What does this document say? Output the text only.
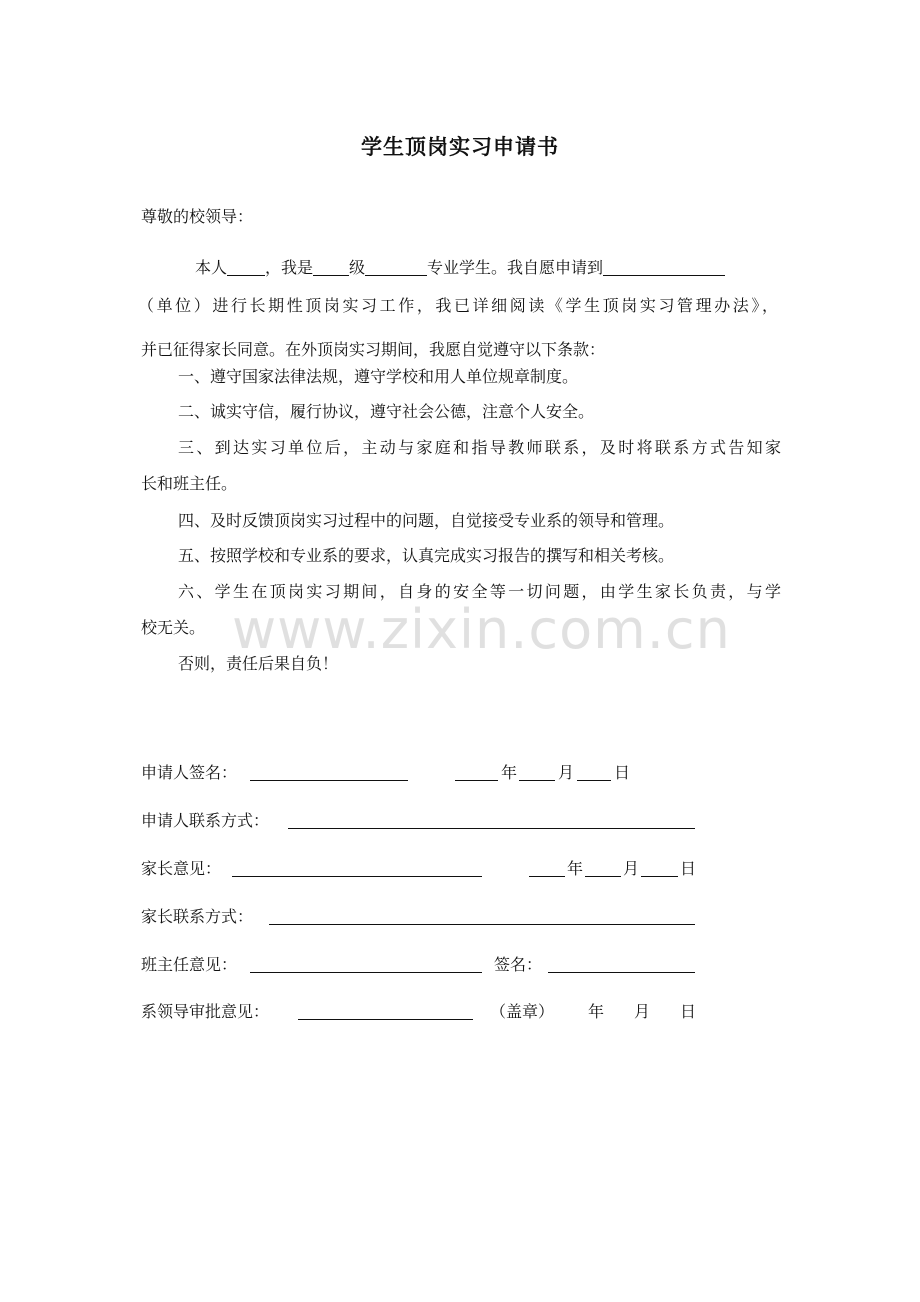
学生顶岗实习申请书
尊敬的校领导：
本人 ，我是 级	专业学生。我自愿申请到
（单位）进行长期性顶岗实习工作，我已详细阅读《学生顶岗实习管理办法》，
并已征得家长同意。在外顶岗实习期间，我愿自觉遵守以下条款：
一、遵守国家法律法规，遵守学校和用人单位规章制度。
二、诚实守信，履行协议，遵守社会公德，注意个人安全。
三、到达实习单位后，主动与家庭和指导教师联系，及时将联系方式告知家
长和班主任。
四、及时反馈顶岗实习过程中的问题，自觉接受专业系的领导和管理。
五、按照学校和专业系的要求，认真完成实习报告的撰写和相关考核。
六、学生在顶岗实习期间，自身的安全等一切问题，由学生家长负责，与学
校无关。
否则，责任后果自负！
www.zixin.com.cn
申请人签名：	年	月 日
申请人联系方式：
家长意见：	年 月	日
家长联系方式：
班主任意见：	签名：
系领导审批意见：	（盖章） 年 月 日
